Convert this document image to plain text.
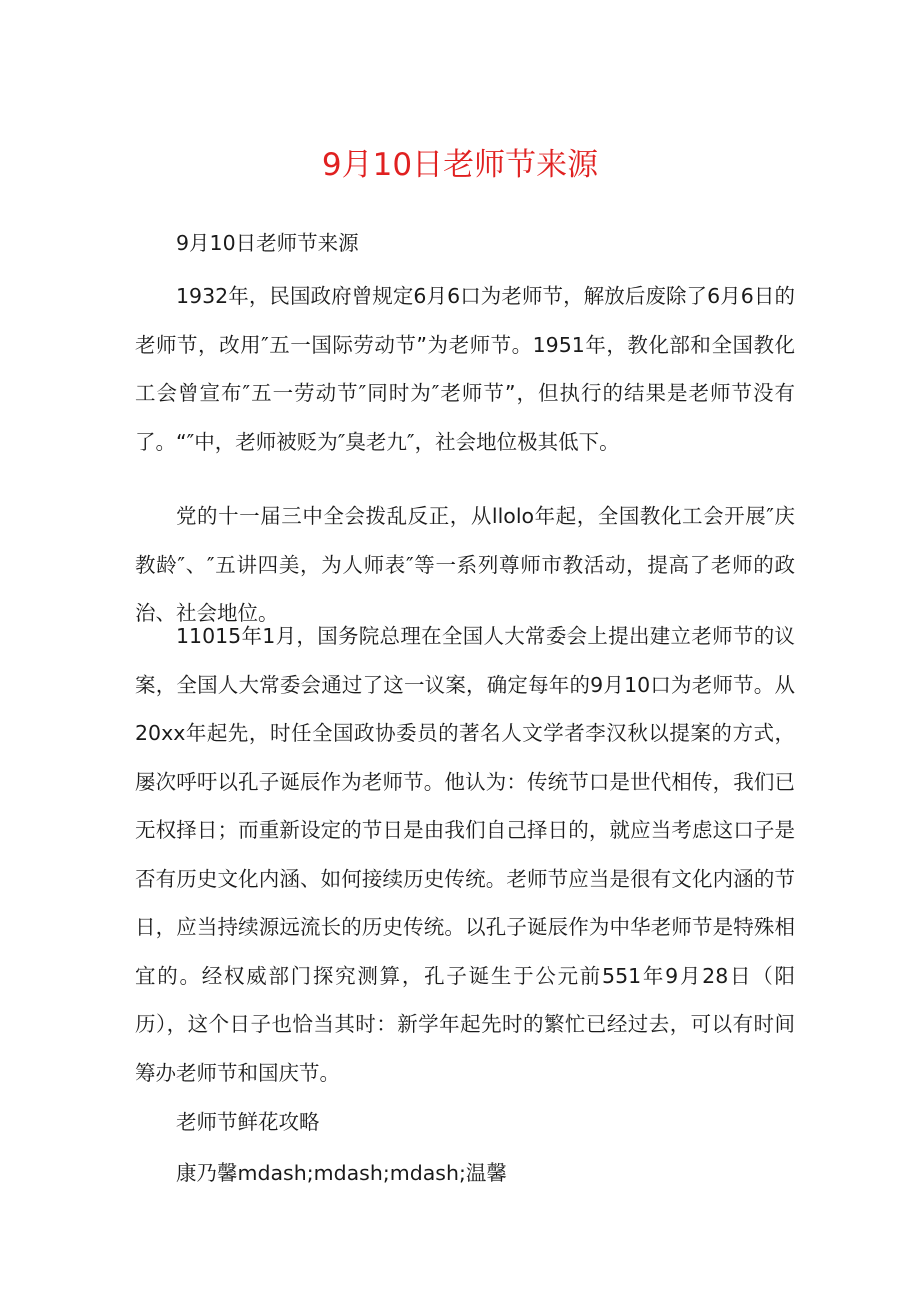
9月10日老师节来源

9月10日老师节来源

1932年，民国政府曾规定6月6口为老师节，解放后废除了6月6日的老师节，改用″五一国际劳动节”为老师节。1951年，教化部和全国教化工会曾宣布″五一劳动节″同时为″老师节”，但执行的结果是老师节没有了。“″中，老师被贬为″臭老九″，社会地位极其低下。

党的十一届三中全会拨乱反正，从llolo年起，全国教化工会开展″庆教龄″、″五讲四美，为人师表″等一系列尊师市教活动，提高了老师的政治、社会地位。

11015年1月，国务院总理在全国人大常委会上提出建立老师节的议案，全国人大常委会通过了这一议案，确定每年的9月10口为老师节。从20xx年起先，时任全国政协委员的著名人文学者李汉秋以提案的方式，屡次呼吁以孔子诞辰作为老师节。他认为：传统节口是世代相传，我们已无权择日；而重新设定的节日是由我们自己择日的，就应当考虑这口子是否有历史文化内涵、如何接续历史传统。老师节应当是很有文化内涵的节日，应当持续源远流长的历史传统。以孔子诞辰作为中华老师节是特殊相宜的。经权威部门探究测算，孔子诞生于公元前551年9月28日（阳历），这个日子也恰当其时：新学年起先时的繁忙已经过去，可以有时间筹办老师节和国庆节。

老师节鲜花攻略

康乃馨mdash;mdash;mdash;温馨
